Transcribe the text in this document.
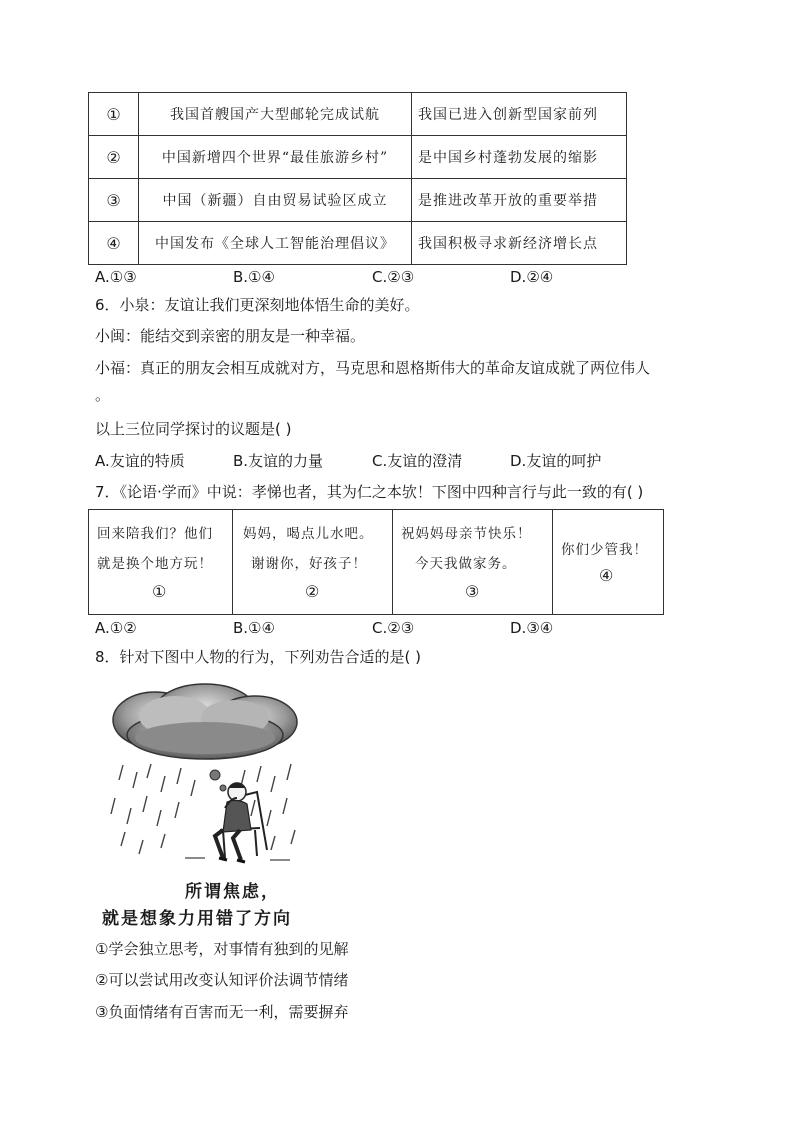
①	我国首艘国产大型邮轮完成试航	我国已进入创新型国家前列
②	中国新增四个世界“最佳旅游乡村”	是中国乡村蓬勃发展的缩影
③	中国（新疆）自由贸易试验区成立	是推进改革开放的重要举措
④	中国发布《全球人工智能治理倡议》	我国积极寻求新经济增长点
A.①③	B.①④	C.②③	D.②④
6．小泉：友谊让我们更深刻地体悟生命的美好。
小闽：能结交到亲密的朋友是一种幸福。
小福：真正的朋友会相互成就对方，马克思和恩格斯伟大的革命友谊成就了两位伟人
。
以上三位同学探讨的议题是( )
A.友谊的特质	B.友谊的力量	C.友谊的澄清	D.友谊的呵护
7．《论语·学而》中说：孝悌也者，其为仁之本欤！下图中四种言行与此一致的有( )
回来陪我们？他们
就是换个地方玩！
①
妈妈，喝点儿水吧。
谢谢你，好孩子！
②
祝妈妈母亲节快乐！
今天我做家务。
③
你们少管我！
④
A.①②	B.①④	C.②③	D.③④
8．针对下图中人物的行为，下列劝告合适的是( )
所谓焦虑，
就是想象力用错了方向
①学会独立思考，对事情有独到的见解
②可以尝试用改变认知评价法调节情绪
③负面情绪有百害而无一利，需要摒弃
